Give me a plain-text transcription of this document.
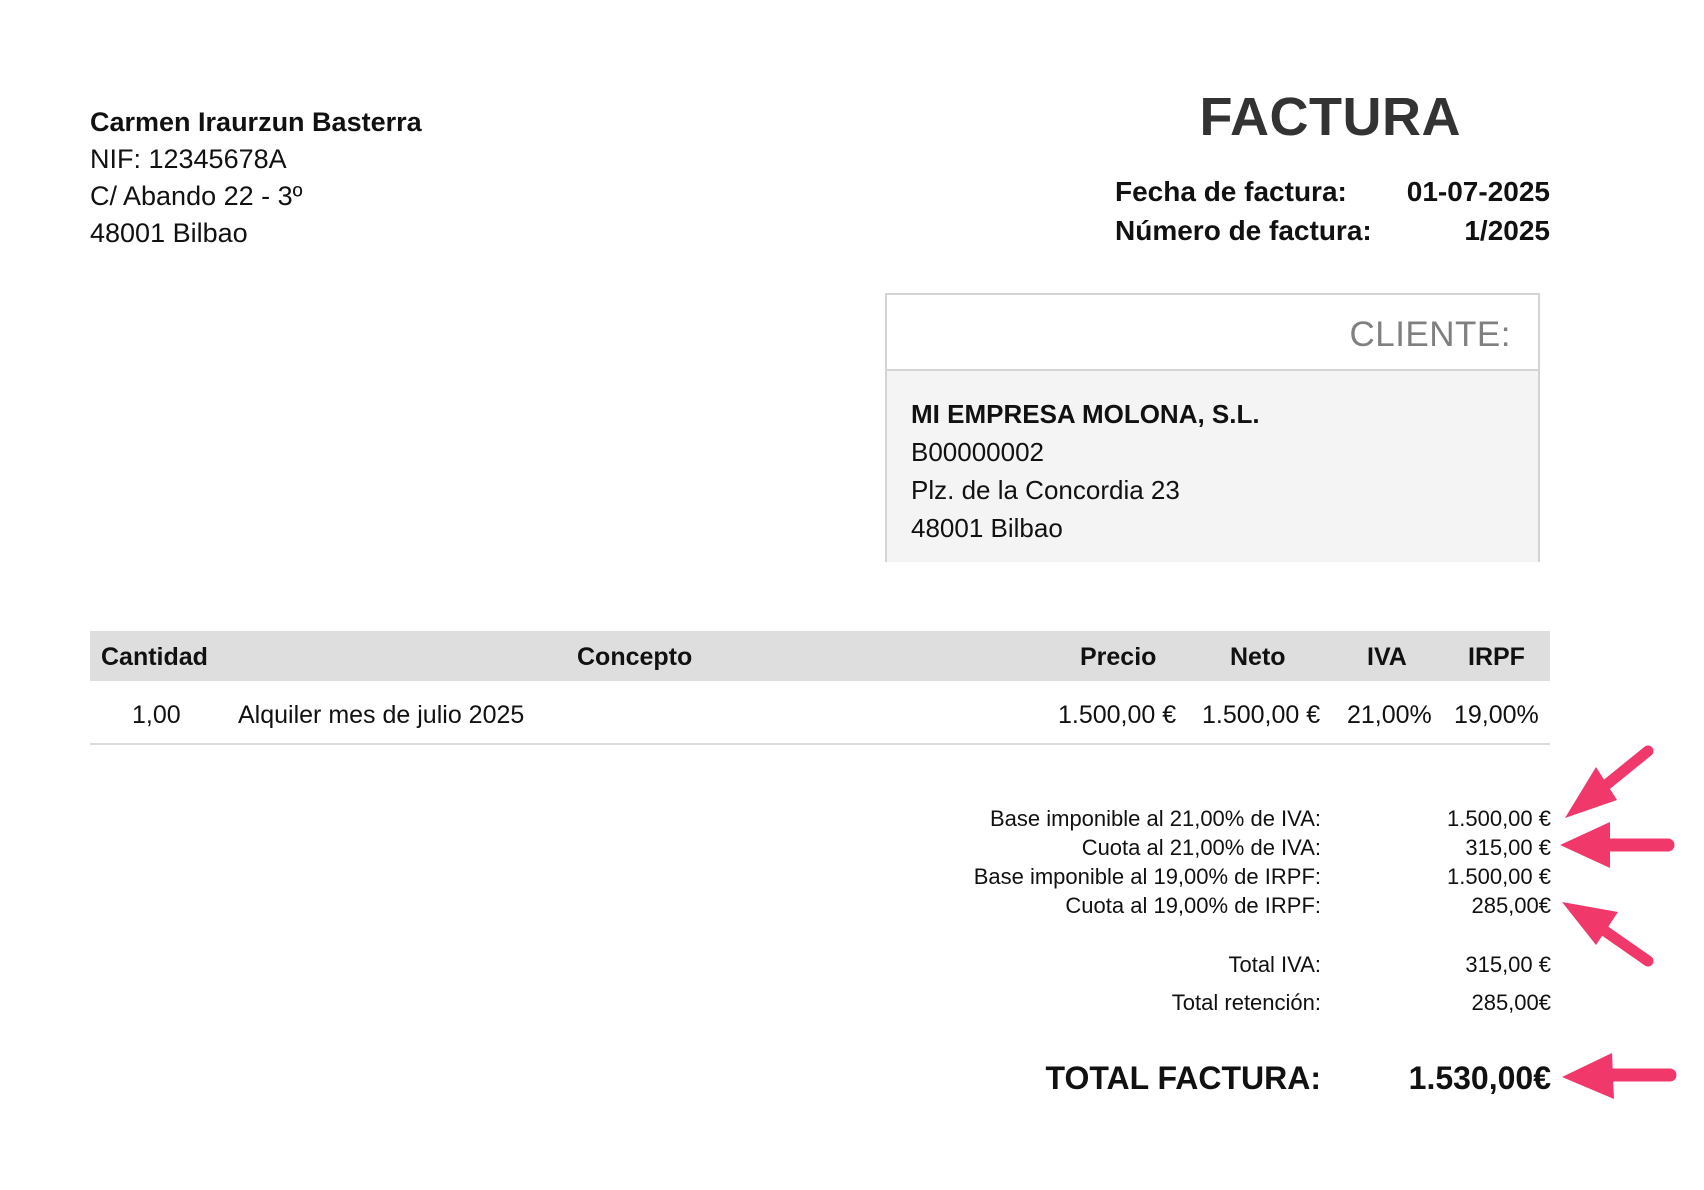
Carmen Iraurzun Basterra
NIF: 12345678A
C/ Abando 22 - 3º
48001 Bilbao
FACTURA
Fecha de factura: 01-07-2025
Número de factura:	1/2025
CLIENTE:
MI EMPRESA MOLONA, S.L.
B00000002
Plz. de la Concordia 23
48001 Bilbao
Cantidad	Concepto	Precio	Neto	IVA IRPF
1,00 Alquiler mes de julio 2025	1.500,00 € 1.500,00 € 21,00% 19,00%
Base imponible al 21,00% de IVA:	1.500,00 €
Cuota al 21,00% de IVA:	315,00 €
Base imponible al 19,00% de IRPF:	1.500,00 €
Cuota al 19,00% de IRPF:	285,00€
Total IVA:	315,00 €
Total retención:	285,00€
TOTAL FACTURA:	1.530,00€
